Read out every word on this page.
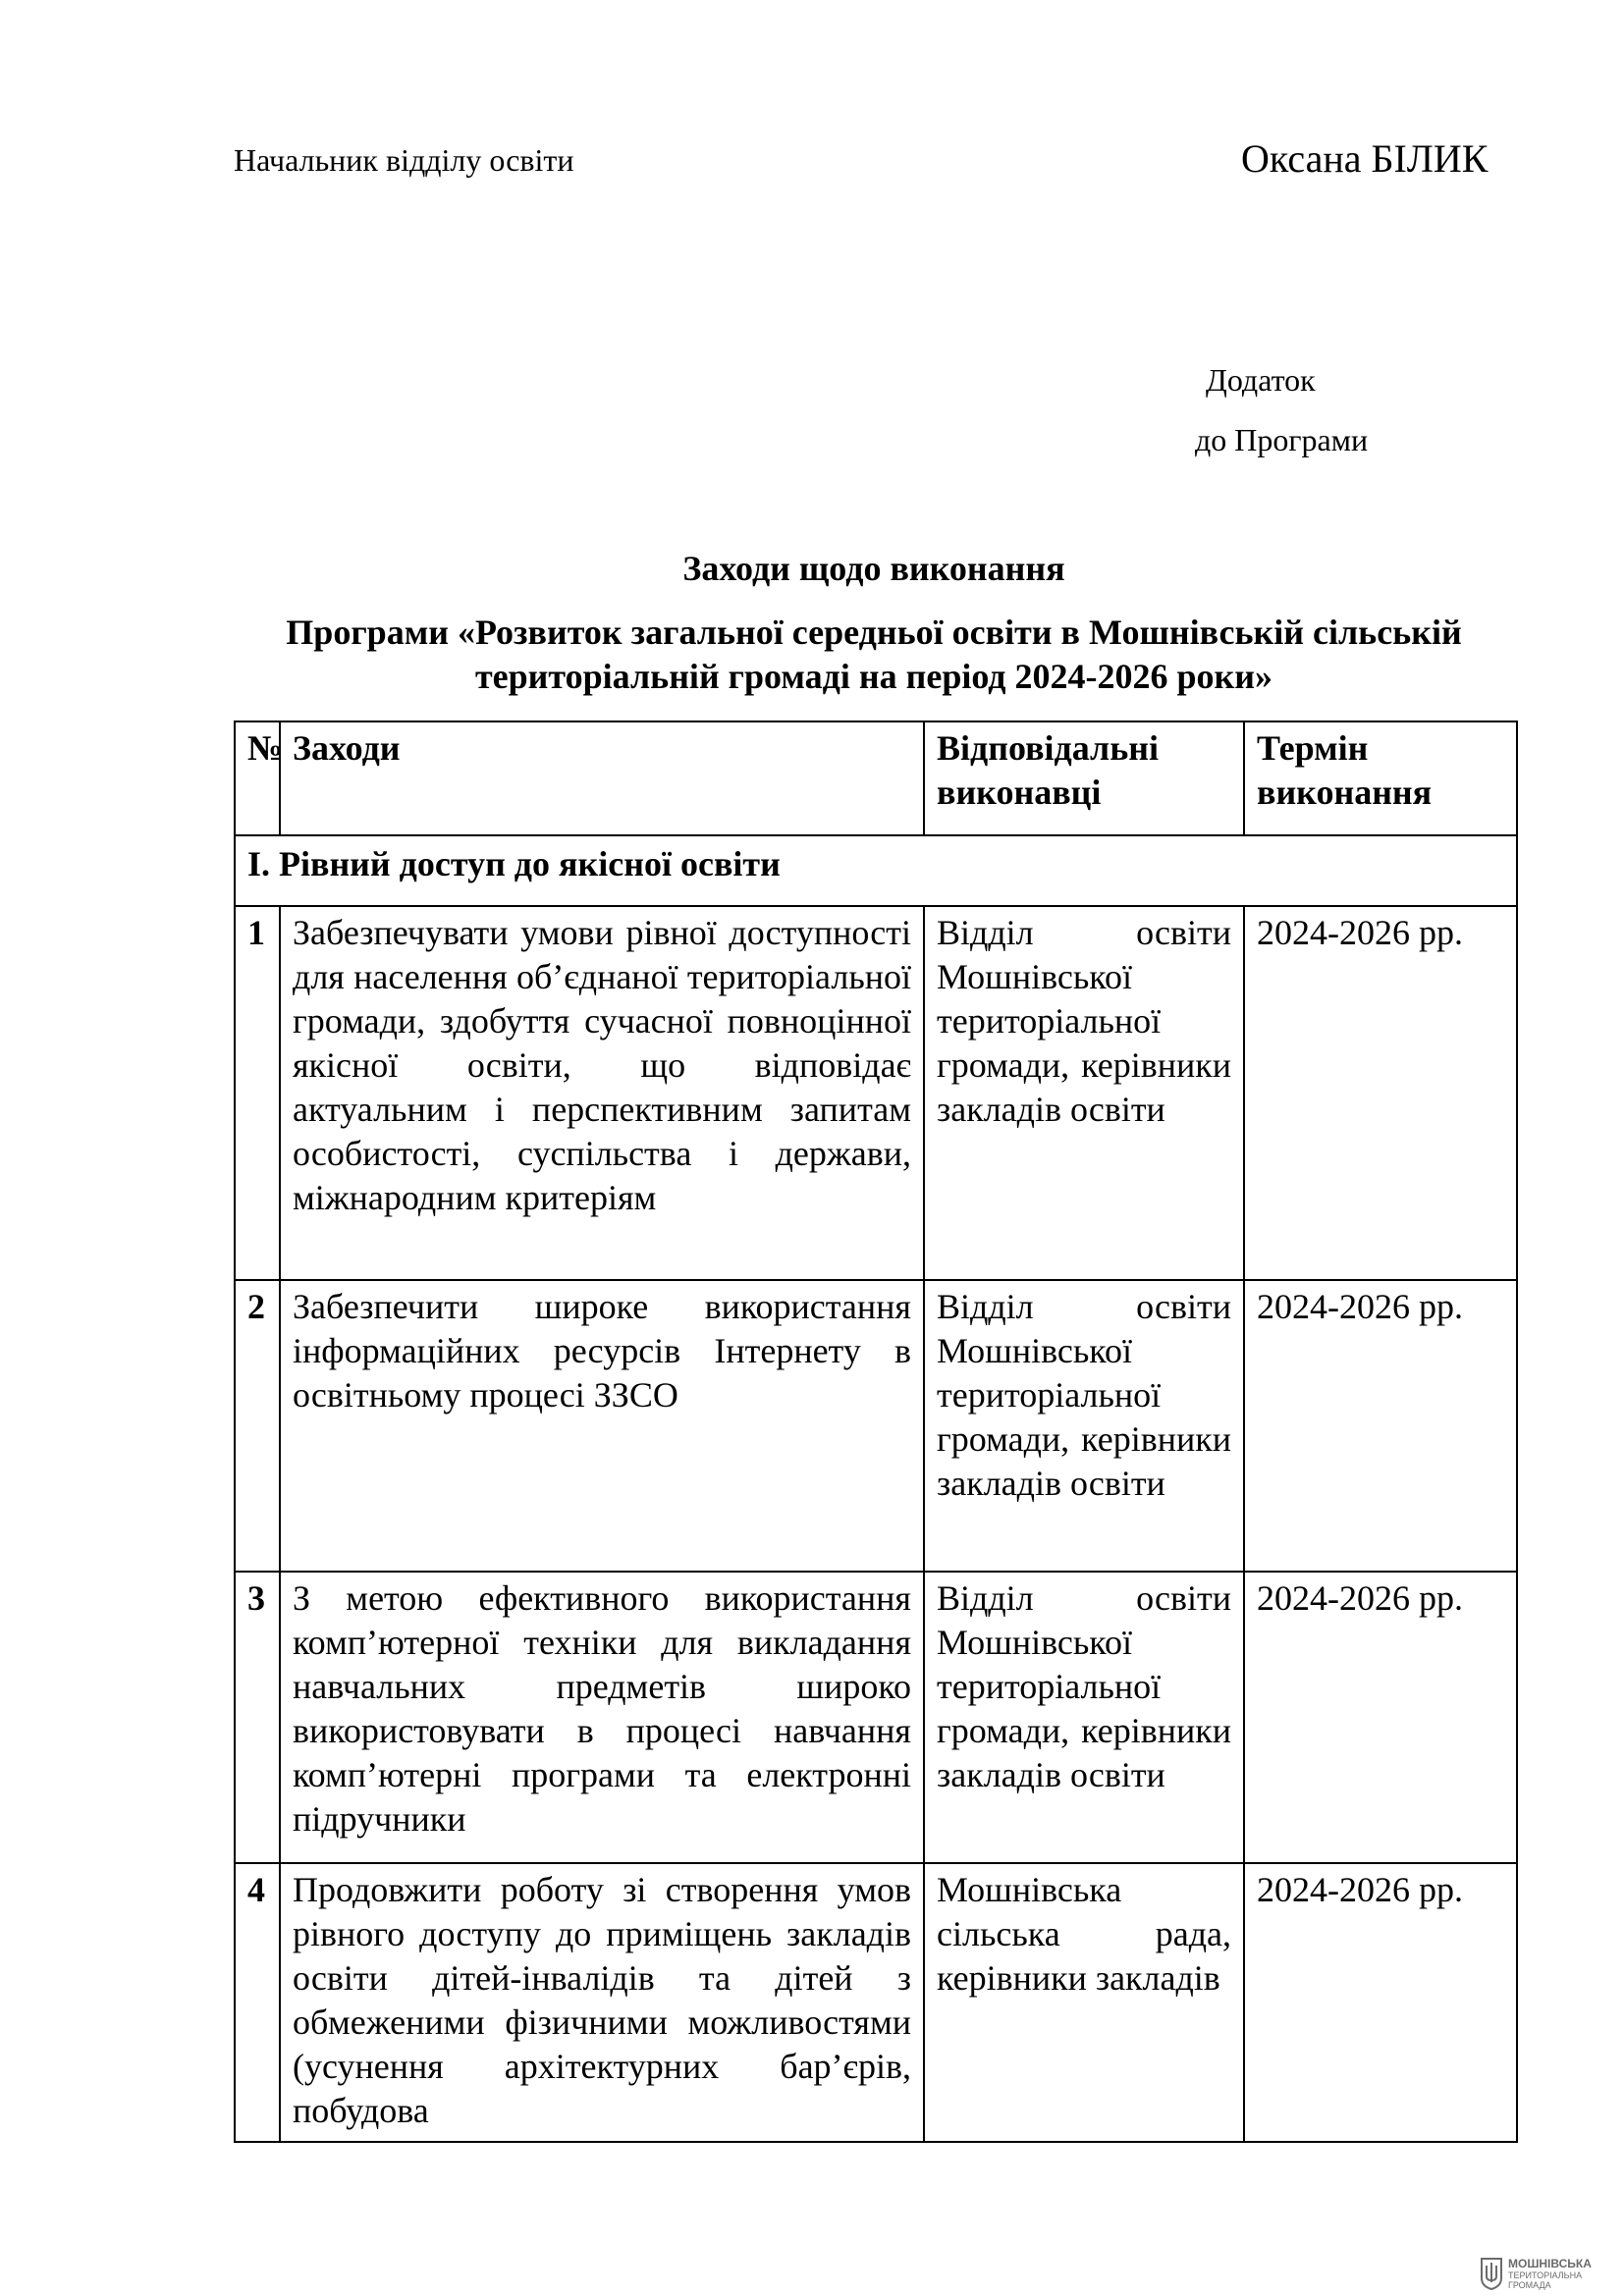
Начальник відділу освіти	Оксана БІЛИК
Додаток
до Програми
Заходи щодо виконання
Програми «Розвиток загальної середньої освіти в Мошнівській сільській територіальній громаді на період 2024-2026 роки»
№	Заходи	Відповідальні виконавці	Термін виконання
І. Рівний доступ до якісної освіти			
1	Забезпечувати умови рівної доступності для населення об’єднаної територіальної громади, здобуття сучасної повноцінної якісної освіти, що відповідає актуальним і перспективним запитам особистості, суспільства і держави, міжнародним критеріям	Відділ освіти Мошнівської територіальної громади, керівники закладів освіти	2024-2026 рр.
2	Забезпечити широке використання інформаційних ресурсів Інтернету в освітньому процесі ЗЗСО	Відділ освіти Мошнівської територіальної громади, керівники закладів освіти	2024-2026 рр.
3	З метою ефективного використання комп’ютерної техніки для викладання навчальних предметів широко використовувати в процесі навчання комп’ютерні програми та електронні підручники	Відділ освіти Мошнівської територіальної громади, керівники закладів освіти	2024-2026 рр.
4	Продовжити роботу зі створення умов рівного доступу до приміщень закладів освіти дітей-інвалідів та дітей з обмеженими фізичними можливостями (усунення архітектурних бар’єрів, побудова	Мошнівська сільська рада, керівники закладів	2024-2026 рр.
МОШНІВСЬКА
ТЕРИТОРІАЛЬНА
ГРОМАДА
